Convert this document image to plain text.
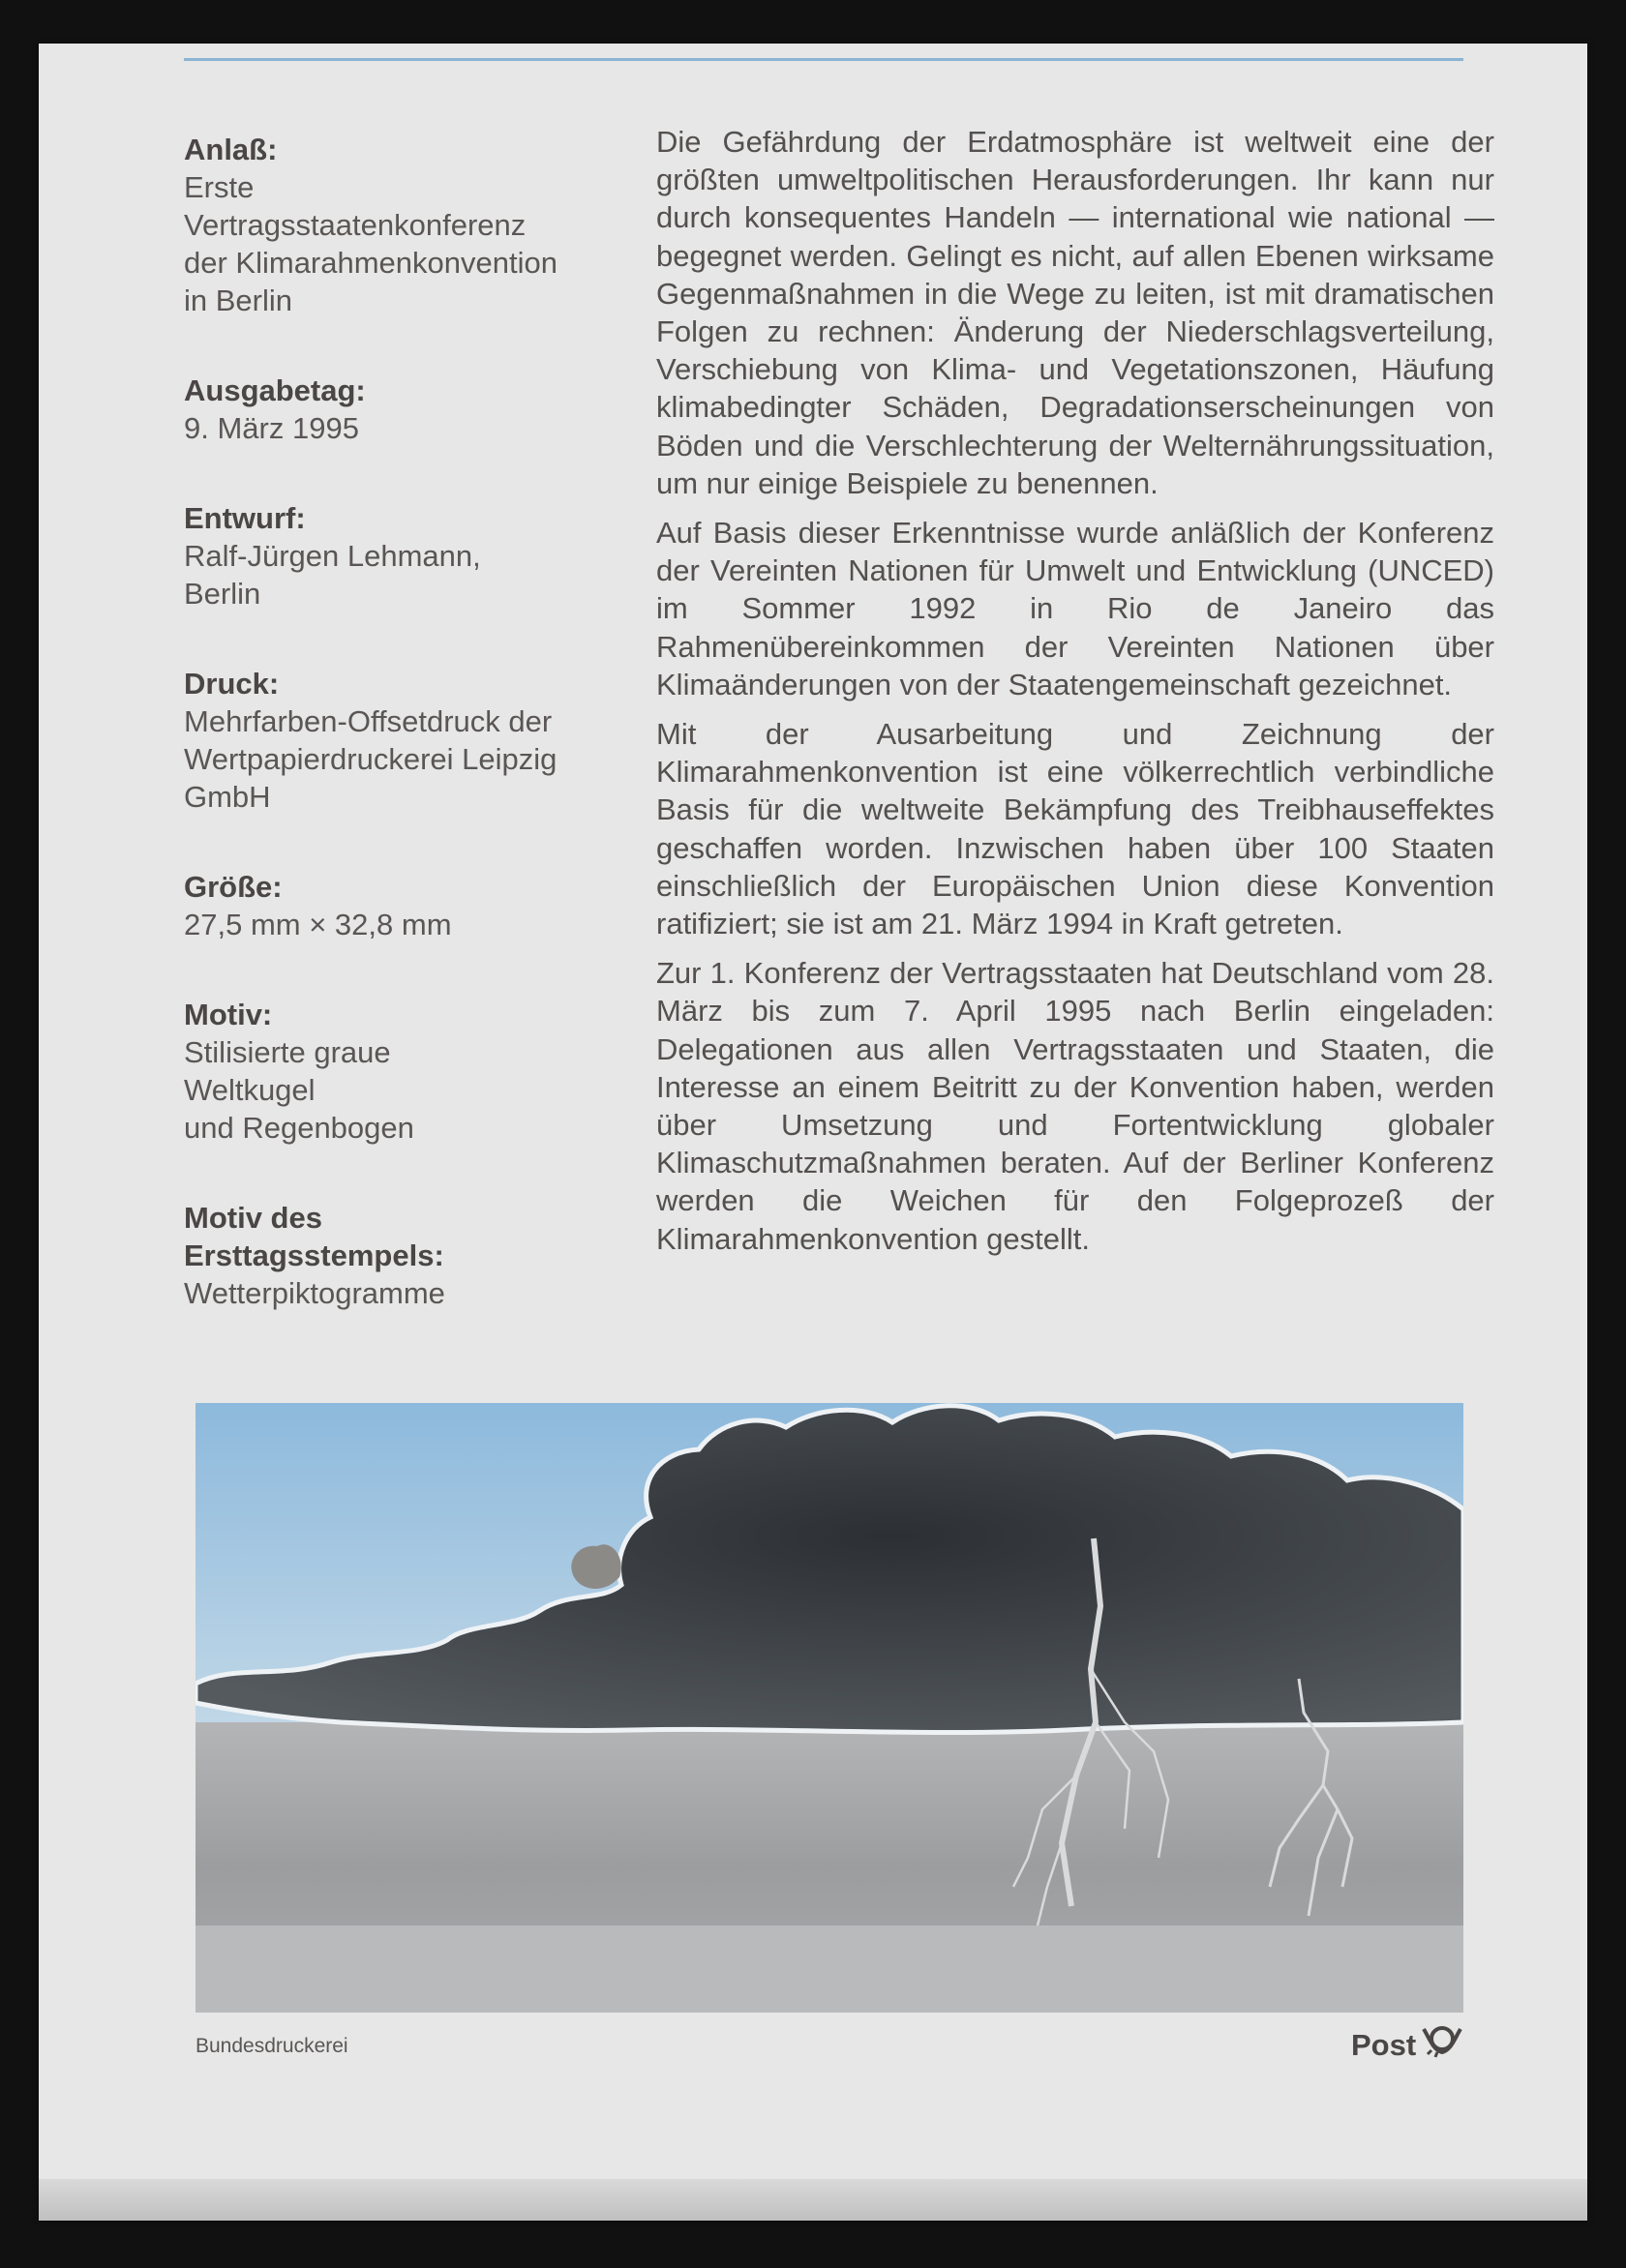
Anlaß:
Erste
Vertragsstaatenkonferenz
der Klimarahmenkonvention
in Berlin
Ausgabetag:
9. März 1995
Entwurf:
Ralf-Jürgen Lehmann,
Berlin
Druck:
Mehrfarben-Offsetdruck der
Wertpapierdruckerei Leipzig
GmbH
Größe:
27,5 mm × 32,8 mm
Motiv:
Stilisierte graue
Weltkugel
und Regenbogen
Motiv des
Ersttagsstempels:
Wetterpiktogramme

Die Gefährdung der Erdatmosphäre ist weltweit eine der größten umweltpolitischen Herausforderungen. Ihr kann nur durch konsequentes Handeln — international wie national — begegnet werden. Gelingt es nicht, auf allen Ebenen wirksame Gegenmaßnahmen in die Wege zu leiten, ist mit dramatischen Folgen zu rechnen: Änderung der Niederschlagsverteilung, Verschiebung von Klima- und Vegetationszonen, Häufung klimabedingter Schäden, Degradationserscheinungen von Böden und die Verschlechterung der Welternährungssituation, um nur einige Beispiele zu benennen.

Auf Basis dieser Erkenntnisse wurde anläßlich der Konferenz der Vereinten Nationen für Umwelt und Entwicklung (UNCED) im Sommer 1992 in Rio de Janeiro das Rahmenübereinkommen der Vereinten Nationen über Klimaänderungen von der Staatengemeinschaft gezeichnet.

Mit der Ausarbeitung und Zeichnung der Klimarahmenkonvention ist eine völkerrechtlich verbindliche Basis für die weltweite Bekämpfung des Treibhauseffektes geschaffen worden. Inzwischen haben über 100 Staaten einschließlich der Europäischen Union diese Konvention ratifiziert; sie ist am 21. März 1994 in Kraft getreten.

Zur 1. Konferenz der Vertragsstaaten hat Deutschland vom 28. März bis zum 7. April 1995 nach Berlin eingeladen: Delegationen aus allen Vertragsstaaten und Staaten, die Interesse an einem Beitritt zu der Konvention haben, werden über Umsetzung und Fortentwicklung globaler Klimaschutzmaßnahmen beraten. Auf der Berliner Konferenz werden die Weichen für den Folgeprozeß der Klimarahmenkonvention gestellt.

Bundesdruckerei	Post
